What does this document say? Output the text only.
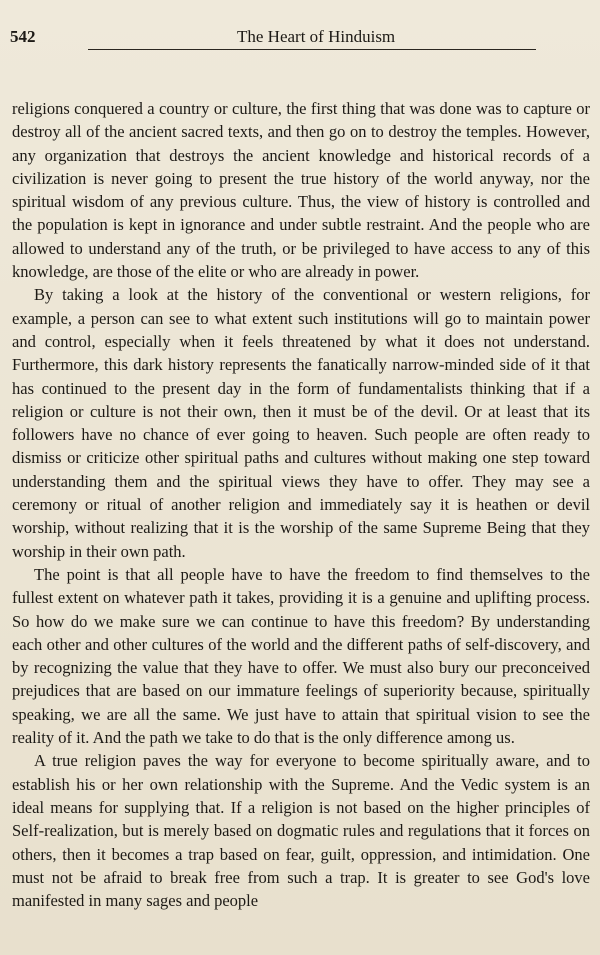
542	The Heart of Hinduism

religions conquered a country or culture, the first thing that was done was to capture or destroy all of the ancient sacred texts, and then go on to destroy the temples. However, any organization that destroys the ancient knowledge and historical records of a civilization is never going to present the true history of the world anyway, nor the spiritual wisdom of any previous culture. Thus, the view of history is controlled and the population is kept in ignorance and under subtle restraint. And the people who are allowed to understand any of the truth, or be privileged to have access to any of this knowledge, are those of the elite or who are already in power.

By taking a look at the history of the conventional or western religions, for example, a person can see to what extent such institutions will go to maintain power and control, especially when it feels threatened by what it does not understand. Furthermore, this dark history represents the fanatically narrow-minded side of it that has continued to the present day in the form of fundamentalists thinking that if a religion or culture is not their own, then it must be of the devil. Or at least that its followers have no chance of ever going to heaven. Such people are often ready to dismiss or criticize other spiritual paths and cultures without making one step toward understanding them and the spiritual views they have to offer. They may see a ceremony or ritual of another religion and immediately say it is heathen or devil worship, without realizing that it is the worship of the same Supreme Being that they worship in their own path.

The point is that all people have to have the freedom to find themselves to the fullest extent on whatever path it takes, providing it is a genuine and uplifting process. So how do we make sure we can continue to have this freedom? By understanding each other and other cultures of the world and the different paths of self-discovery, and by recognizing the value that they have to offer. We must also bury our preconceived prejudices that are based on our immature feelings of superiority because, spiritually speaking, we are all the same. We just have to attain that spiritual vision to see the reality of it. And the path we take to do that is the only difference among us.

A true religion paves the way for everyone to become spiritually aware, and to establish his or her own relationship with the Supreme. And the Vedic system is an ideal means for supplying that. If a religion is not based on the higher principles of Self-realization, but is merely based on dogmatic rules and regulations that it forces on others, then it becomes a trap based on fear, guilt, oppression, and intimidation. One must not be afraid to break free from such a trap. It is greater to see God's love manifested in many sages and people
